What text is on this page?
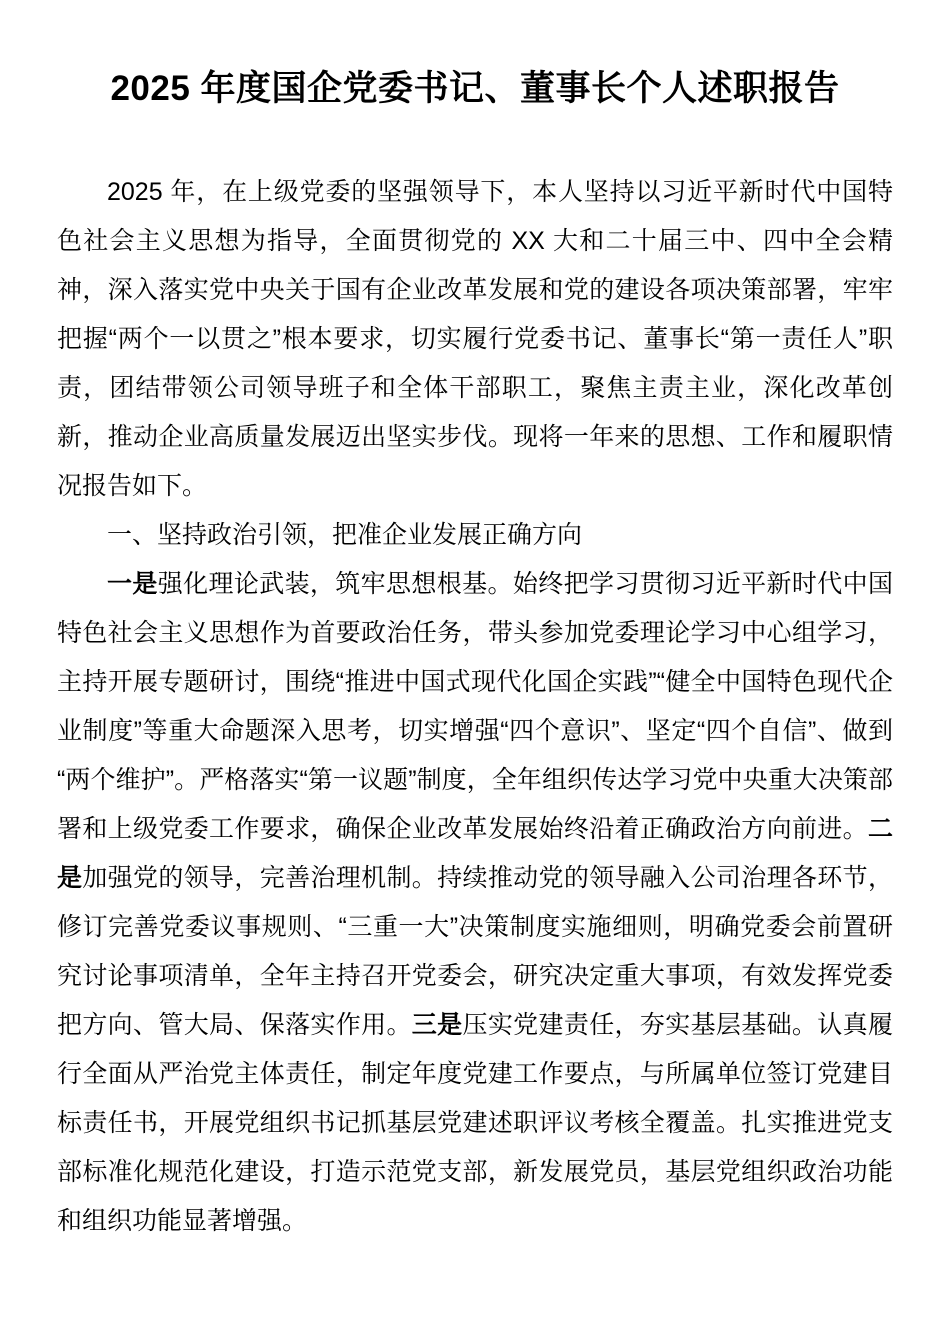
2025 年度国企党委书记、董事长个人述职报告

2025 年，在上级党委的坚强领导下，本人坚持以习近平新时代中国特色社会主义思想为指导，全面贯彻党的 XX 大和二十届三中、四中全会精神，深入落实党中央关于国有企业改革发展和党的建设各项决策部署，牢牢把握“两个一以贯之”根本要求，切实履行党委书记、董事长“第一责任人”职责，团结带领公司领导班子和全体干部职工，聚焦主责主业，深化改革创新，推动企业高质量发展迈出坚实步伐。现将一年来的思想、工作和履职情况报告如下。

一、坚持政治引领，把准企业发展正确方向

一是强化理论武装，筑牢思想根基。始终把学习贯彻习近平新时代中国特色社会主义思想作为首要政治任务，带头参加党委理论学习中心组学习，主持开展专题研讨，围绕“推进中国式现代化国企实践”“健全中国特色现代企业制度”等重大命题深入思考，切实增强“四个意识”、坚定“四个自信”、做到“两个维护”。严格落实“第一议题”制度，全年组织传达学习党中央重大决策部署和上级党委工作要求，确保企业改革发展始终沿着正确政治方向前进。二是加强党的领导，完善治理机制。持续推动党的领导融入公司治理各环节，修订完善党委议事规则、“三重一大”决策制度实施细则，明确党委会前置研究讨论事项清单，全年主持召开党委会，研究决定重大事项，有效发挥党委把方向、管大局、保落实作用。三是压实党建责任，夯实基层基础。认真履行全面从严治党主体责任，制定年度党建工作要点，与所属单位签订党建目标责任书，开展党组织书记抓基层党建述职评议考核全覆盖。扎实推进党支部标准化规范化建设，打造示范党支部，新发展党员，基层党组织政治功能和组织功能显著增强。
